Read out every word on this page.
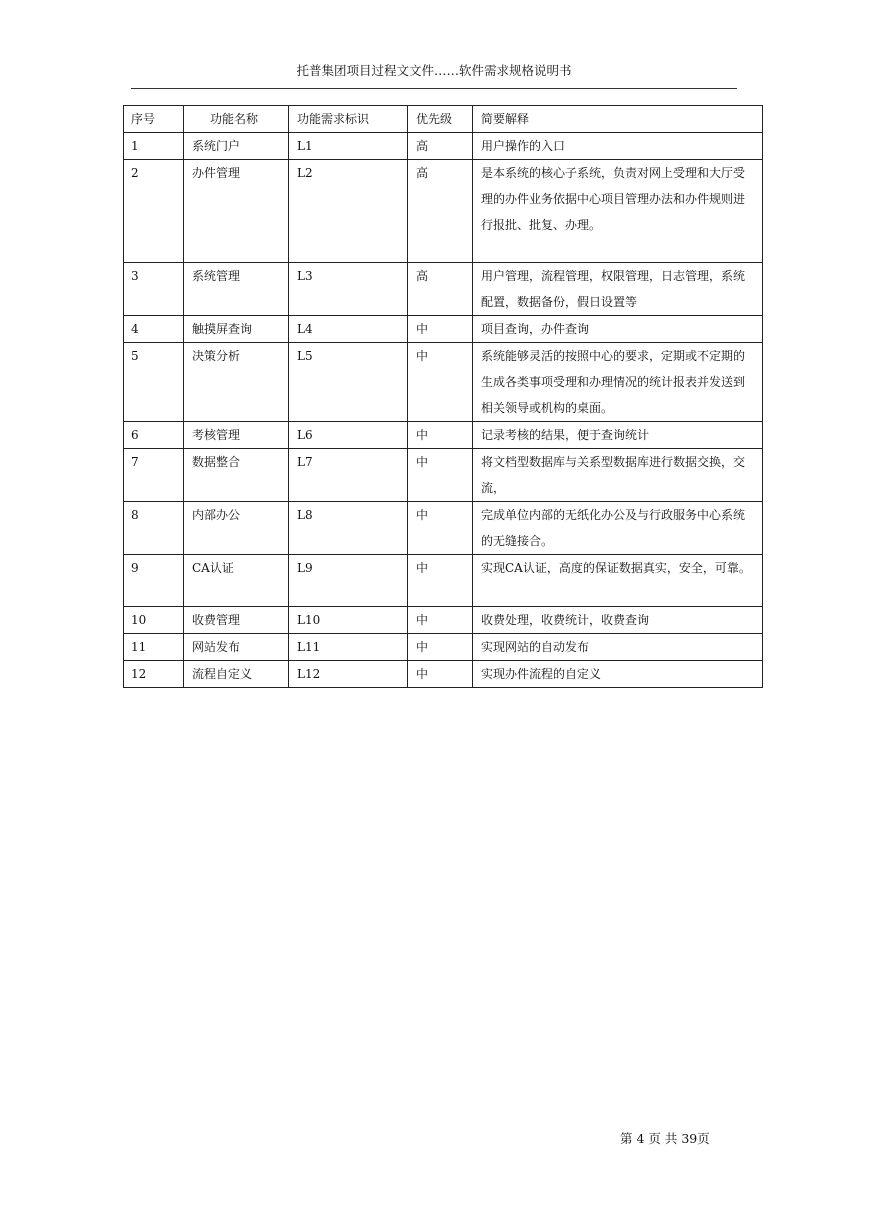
托普集团项目过程文文件……软件需求规格说明书
序号	功能名称	功能需求标识	优先级	简要解释
1	系统门户	L1	高	用户操作的入口
2	办件管理	L2	高	是本系统的核心子系统，负责对网上受理和大厅受理的办件业务依据中心项目管理办法和办件规则进行报批、批复、办理。
3	系统管理	L3	高	用户管理，流程管理，权限管理，日志管理，系统配置，数据备份，假日设置等
4	触摸屏查询	L4	中	项目查询，办件查询
5	决策分析	L5	中	系统能够灵活的按照中心的要求，定期或不定期的生成各类事项受理和办理情况的统计报表并发送到相关领导或机构的桌面。
6	考核管理	L6	中	记录考核的结果，便于查询统计
7	数据整合	L7	中	将文档型数据库与关系型数据库进行数据交换，交流，
8	内部办公	L8	中	完成单位内部的无纸化办公及与行政服务中心系统的无缝接合。
9	CA认证	L9	中	实现CA认证，高度的保证数据真实，安全，可靠。
10	收费管理	L10	中	收费处理，收费统计，收费查询
11	网站发布	L11	中	实现网站的自动发布
12	流程自定义	L12	中	实现办件流程的自定义
第 4 页 共 39页
